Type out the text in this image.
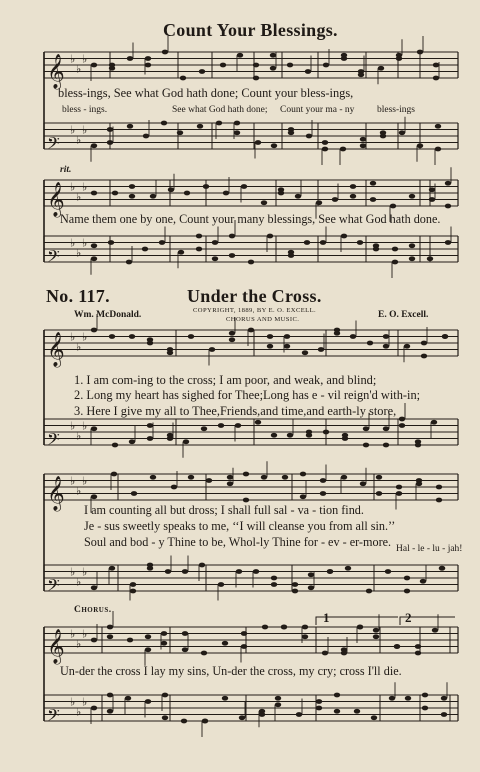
𝄞 ♭
♭
♭
𝄢
♭
♭
♭
𝄞 ♭
♭
♭
𝄢
♭
♭
♭
𝄞 ♭
♭
♭
𝄢
♭
♭
♭
𝄞 ♭
♭
♭
𝄢
♭
♭
♭
𝄞 ♭
♭
♭
𝄢
♭
♭
♭
Count Your Blessings.
bless-ings, See what God hath done; Count your bless-ings,
bless - ings.	See what God hath done; Count your ma - ny bless-ings
rit.
Name them one by one, Count your many blessings, See what God hath done.
No. 117.	Under the Cross.
Wm. McDonald.	COPYRIGHT, 1889, BY E. O. EXCELL.
CHORUS AND MUSIC.	E. O. Excell.
1. I am com-ing to the cross; I am poor, and weak, and blind;
2. Long my heart has sighed for Thee;Long has e - vil reign'd with-in;
3. Here I give my all to Thee,Friends,and time,and earth-ly store,
I am counting all but dross; I shall full sal - va - tion find.
Je - sus sweetly speaks to me, ‘‘I will cleanse you from all sin.’’
Soul and bod - y Thine to be, Whol-ly Thine for - ev - er-more. Hal - le - lu - jah!
Chorus.	1	2
Un-der the cross I lay my sins, Un-der the cross, my cry; cross I'll die.
